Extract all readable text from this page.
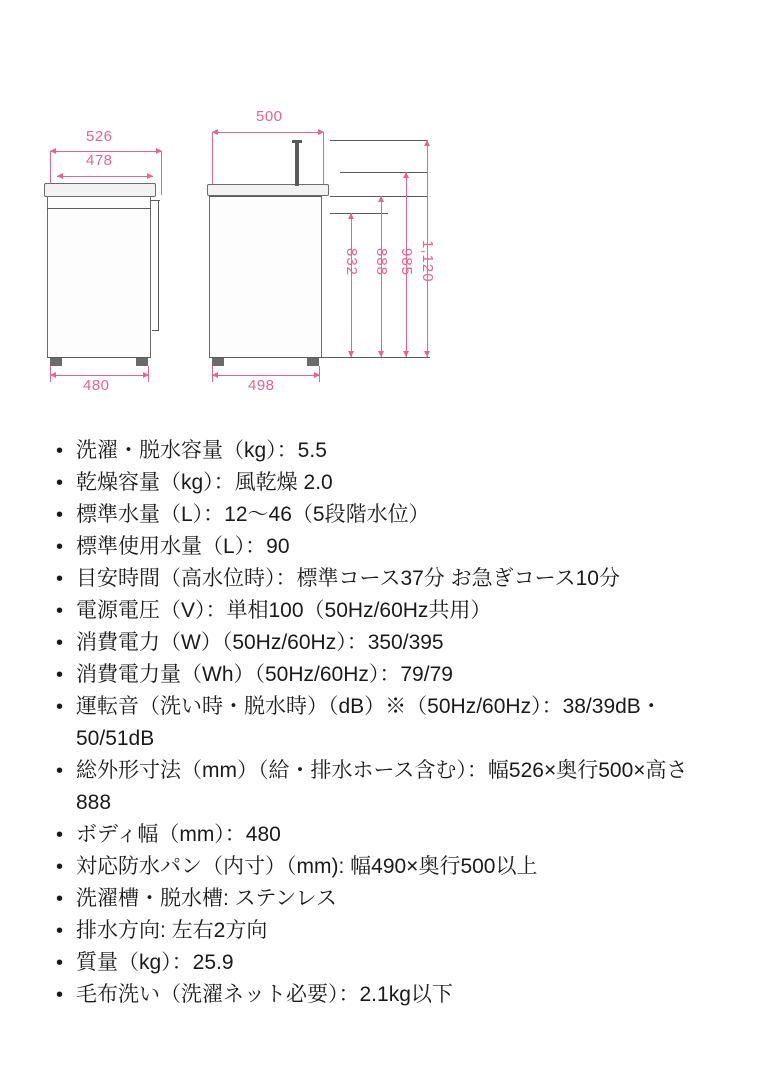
526
478
480
500
498
832 888 985 1,120
• 洗濯・脱水容量（kg）：5.5
• 乾燥容量（kg）：風乾燥 2.0
• 標準水量（L）：12〜46（5段階水位）
• 標準使用水量（L）：90
• 目安時間（高水位時）：標準コース37分 お急ぎコース10分
• 電源電圧（V）：単相100（50Hz/60Hz共用）
• 消費電力（W）（50Hz/60Hz）：350/395
• 消費電力量（Wh）（50Hz/60Hz）：79/79
• 運転音（洗い時・脱水時）（dB）※（50Hz/60Hz）：38/39dB・50/51dB
• 総外形寸法（mm）（給・排水ホース含む）：幅526×奥行500×高さ888
• ボディ幅（mm）：480
• 対応防水パン（内寸）（mm): 幅490×奥行500以上
• 洗濯槽・脱水槽: ステンレス
• 排水方向: 左右2方向
• 質量（kg）：25.9
• 毛布洗い（洗濯ネット必要）：2.1kg以下
